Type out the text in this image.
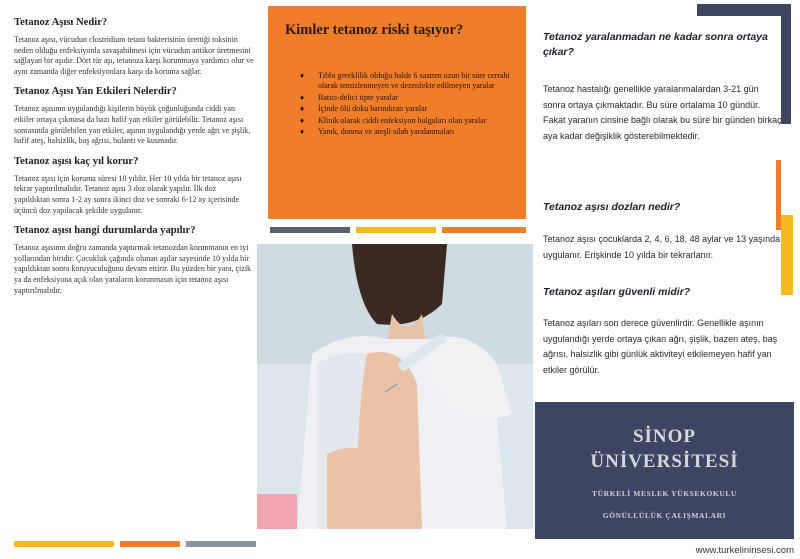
Tetanoz Aşısı Nedir?
Tetanoz aşısı, vücudun clostridium tetani bakterisinin ürettiği toksinin neden olduğu enfeksiyonla savaşabilmesi için vücudun antikor üretmesini sağlayan bir aşıdır. Dört tür aşı, tetanoza karşı korunmaya yardımcı olur ve aynı zamanda diğer enfeksiyonlara karşı da koruma sağlar.
Tetanoz Aşısı Yan Etkileri Nelerdir?
Tetanoz aşısının uygulandığı kişilerin büyük çoğunluğunda ciddi yan etkiler ortaya çıkmasa da bazı hafif yan etkiler görülebilir. Tetanoz aşısı sonrasında görülebilen yan etkiler, aşının uygulandığı yerde ağrı ve şişlik, hafif ateş, halsizlik, baş ağrısı, bulantı ve kusmadır.
Tetanoz aşısı kaç yıl korur?
Tetanoz aşısı için koruma süresi 10 yıldır. Her 10 yılda bir tetanoz aşısı tekrar yaptırılmalıdır. Tetanoz aşısı 3 doz olarak yapılır. İlk doz yapıldıktan sonra 1-2 ay sonra ikinci doz ve sonraki 6-12 ay içerisinde üçüncü doz yapılacak şekilde uygulanır.
Tetanoz aşısı hangi durumlarda yapılır?
Tetanoz aşısının doğru zamanda yaptırmak tetanozdan korunmanın en iyi yollarından biridir. Çocukluk çağında olunan aşılar sayesinde 10 yılda bir yapıldıktan sonra koruyuculuğunu devam ettirir. Bu yüzden bir yara, çizik ya da enfeksiyona açık olan yaraların korunmasın için tetanoz aşısı yaptırılmalıdır.
Kimler tetanoz riski taşıyor?
♦ Tıbbi gereklilik olduğu halde 6 saatten uzun bir süre cerrahi olarak temizlenmeyen ve dezenfekte edilmeyen yaralar
♦ Batıcı-delici tipte yaralar
♦ İçinde ölü doku barındıran yaralar
♦ Klinik olarak ciddi enfeksiyon bulguları olan yaralar
♦ Yanık, donma ve ateşli silah yaralanmaları
Tetanoz yaralanmadan ne kadar sonra ortaya çıkar?
Tetanoz hastalığı genellikle yaralanmalardan 3-21 gün sonra ortaya çıkmaktadır. Bu süre ortalama 10 gündür. Fakat yaranın cinsine bağlı olarak bu süre bir günden birkaç aya kadar değişiklik gösterebilmektedir.
Tetanoz aşısı dozları nedir?
Tetanoz aşısı çocuklarda 2, 4, 6, 18, 48 aylar ve 13 yaşında uygulanır. Erişkinde 10 yılda bir tekrarlanır.
Tetanoz aşıları güvenli midir?
Tetanoz aşıları son derece güvenlirdir. Genellikle aşının uygulandığı yerde ortaya çıkan ağrı, şişlik, bazen ateş, baş ağrısı, halsizlik gibi günlük aktiviteyi etkilemeyen hafif yan etkiler görülür.
SİNOP
ÜNİVERSİTESİ
TÜRKELİ MESLEK YÜKSEKOKULU
GÖNÜLLÜLÜK ÇALIŞMALARI
www.turkelininsesi.com
